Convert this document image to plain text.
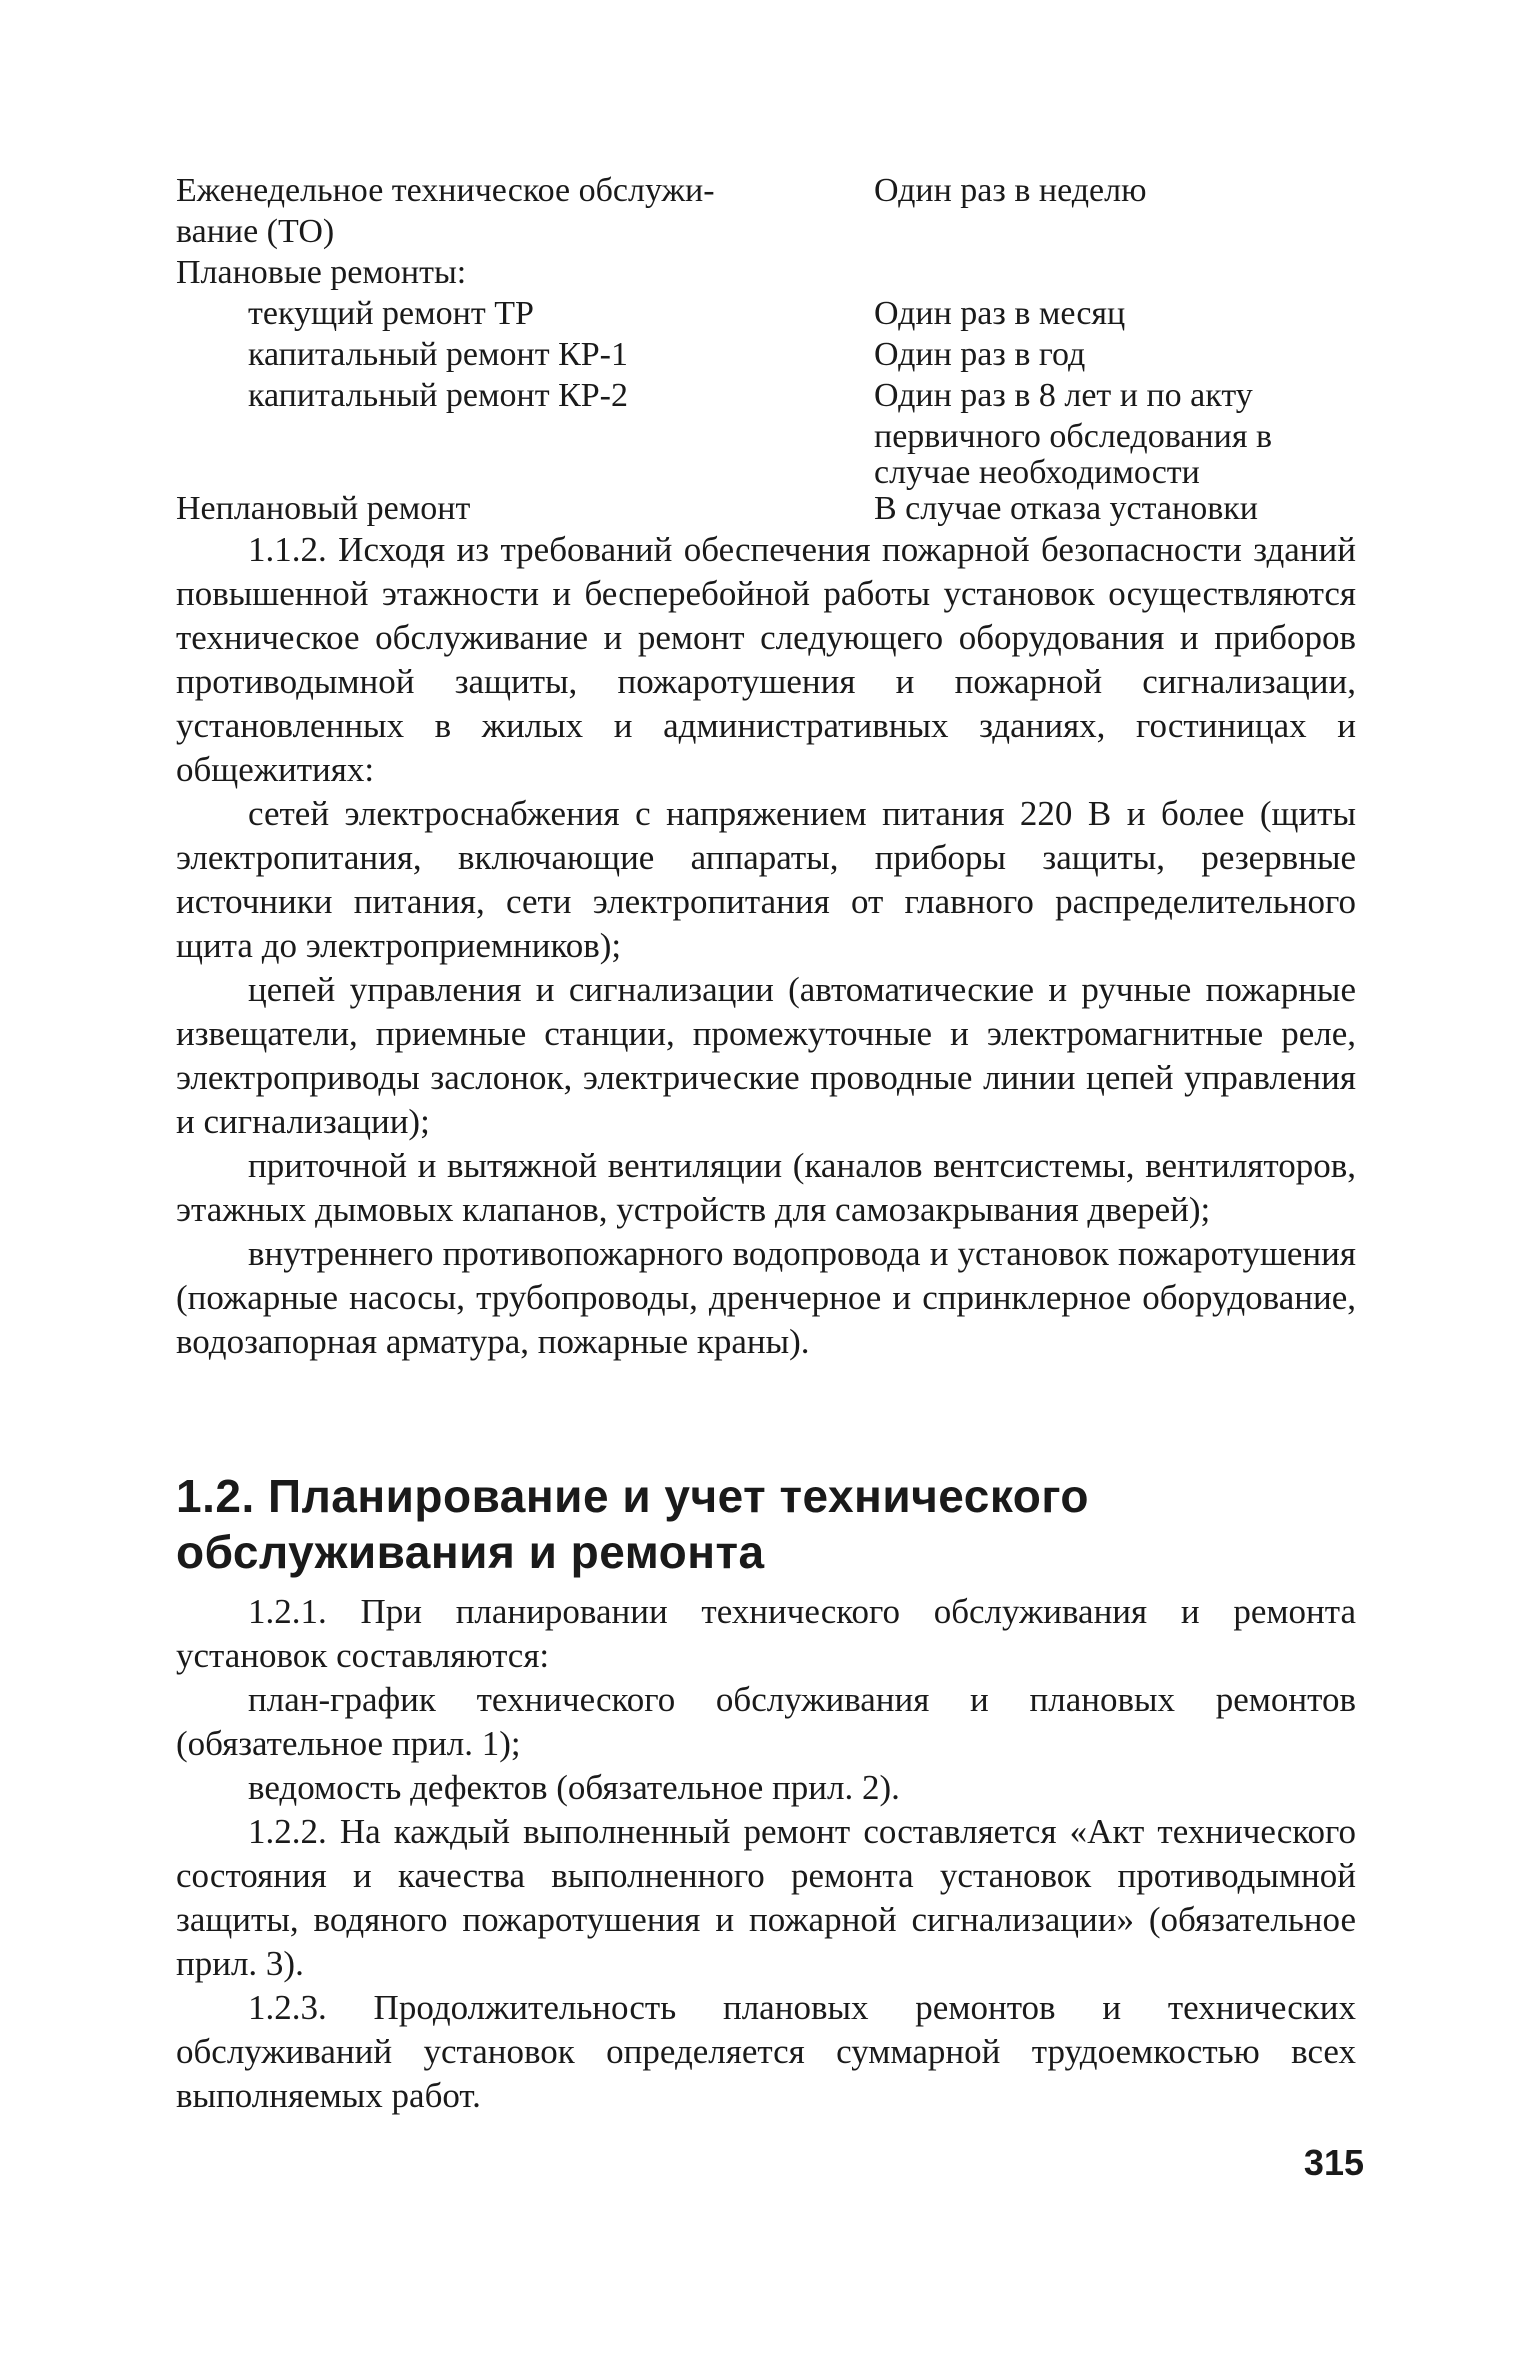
Еженедельное техническое обслужи-	Один раз в неделю
вание (ТО)
Плановые ремонты:
текущий ремонт ТР	Один раз в месяц
капитальный ремонт КР-1	Один раз в год
капитальный ремонт КР-2	Один раз в 8 лет и по акту
первичного обследования в
случае необходимости
Неплановый ремонт	В случае отказа установки

1.1.2. Исходя из требований обеспечения пожарной безопасности зданий повышенной этажности и бесперебойной работы установок осуществляются техническое обслуживание и ремонт следующего оборудования и приборов противодымной защиты, пожаротушения и пожарной сигнализации, установленных в жилых и административных зданиях, гостиницах и общежитиях:

сетей электроснабжения с напряжением питания 220 В и более (щиты электропитания, включающие аппараты, приборы защиты, резервные источники питания, сети электропитания от главного распределительного щита до электроприемников);

цепей управления и сигнализации (автоматические и ручные пожарные извещатели, приемные станции, промежуточные и электромагнитные реле, электроприводы заслонок, электрические проводные линии цепей управления и сигнализации);

приточной и вытяжной вентиляции (каналов вентсистемы, вентиляторов, этажных дымовых клапанов, устройств для самозакрывания дверей);

внутреннего противопожарного водопровода и установок пожаротушения (пожарные насосы, трубопроводы, дренчерное и спринклерное оборудование, водозапорная арматура, пожарные краны).

1.2. Планирование и учет технического
обслуживания и ремонта

1.2.1. При планировании технического обслуживания и ремонта установок составляются:

план-график технического обслуживания и плановых ремонтов (обязательное прил. 1);

ведомость дефектов (обязательное прил. 2).

1.2.2. На каждый выполненный ремонт составляется «Акт технического состояния и качества выполненного ремонта установок противодымной защиты, водяного пожаротушения и пожарной сигнализации» (обязательное прил. 3).

1.2.3. Продолжительность плановых ремонтов и технических обслуживаний установок определяется суммарной трудоемкостью всех выполняемых работ.

315
